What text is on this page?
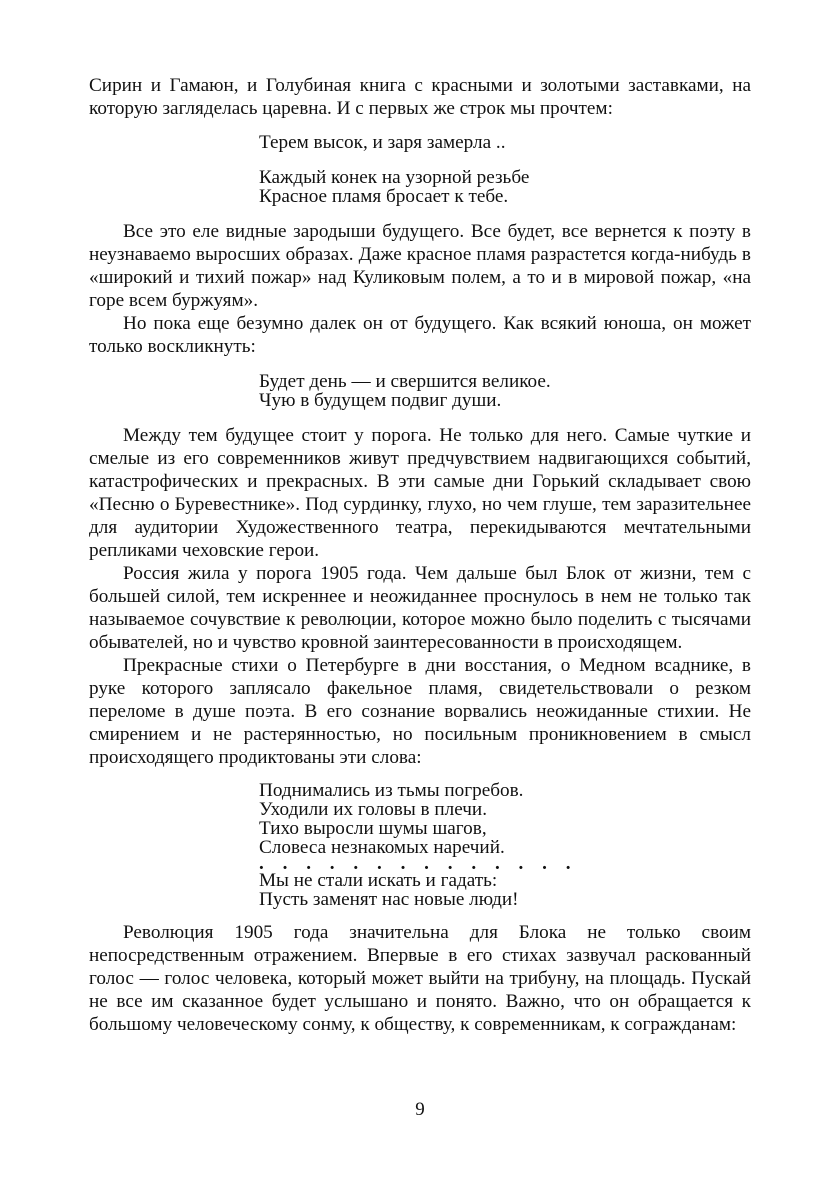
Сирин и Гамаюн, и Голубиная книга с красными и золотыми заставками, на которую загляделась царевна. И с первых же строк мы прочтем:

Терем высок, и заря замерла ..
Каждый конек на узорной резьбе
Красное пламя бросает к тебе.

Все это еле видные зародыши будущего. Все будет, все вернется к поэту в неузнаваемо выросших образах. Даже красное пламя разрастется когда-нибудь в «широкий и тихий пожар» над Куликовым полем, а то и в мировой пожар, «на горе всем буржуям».

Но пока еще безумно далек он от будущего. Как всякий юноша, он может только воскликнуть:

Будет день — и свершится великое.
Чую в будущем подвиг души.

Между тем будущее стоит у порога. Не только для него. Самые чуткие и смелые из его современников живут предчувствием надвигающихся событий, катастрофических и прекрасных. В эти самые дни Горький складывает свою «Песню о Буревестнике». Под сурдинку, глухо, но чем глуше, тем заразительнее для аудитории Художественного театра, перекидываются мечтательными репликами чеховские герои.

Россия жила у порога 1905 года. Чем дальше был Блок от жизни, тем с большей силой, тем искреннее и неожиданнее проснулось в нем не только так называемое сочувствие к революции, которое можно было поделить с тысячами обывателей, но и чувство кровной заинтересованности в происходящем.

Прекрасные стихи о Петербурге в дни восстания, о Медном всаднике, в руке которого заплясало факельное пламя, свидетельствовали о резком переломе в душе поэта. В его сознание ворвались неожиданные стихии. Не смирением и не растерянностью, но посильным проникновением в смысл происходящего продиктованы эти слова:

Поднимались из тьмы погребов.
Уходили их головы в плечи.
Тихо выросли шумы шагов,
Словеса незнакомых наречий.
. . . . . . . . . . . . . .
Мы не стали искать и гадать:
Пусть заменят нас новые люди!

Революция 1905 года значительна для Блока не только своим непосредственным отражением. Впервые в его стихах зазвучал раскованный голос — голос человека, который может выйти на трибуну, на площадь. Пускай не все им сказанное будет услышано и понято. Важно, что он обращается к большому человеческому сонму, к обществу, к современникам, к согражданам:

9
